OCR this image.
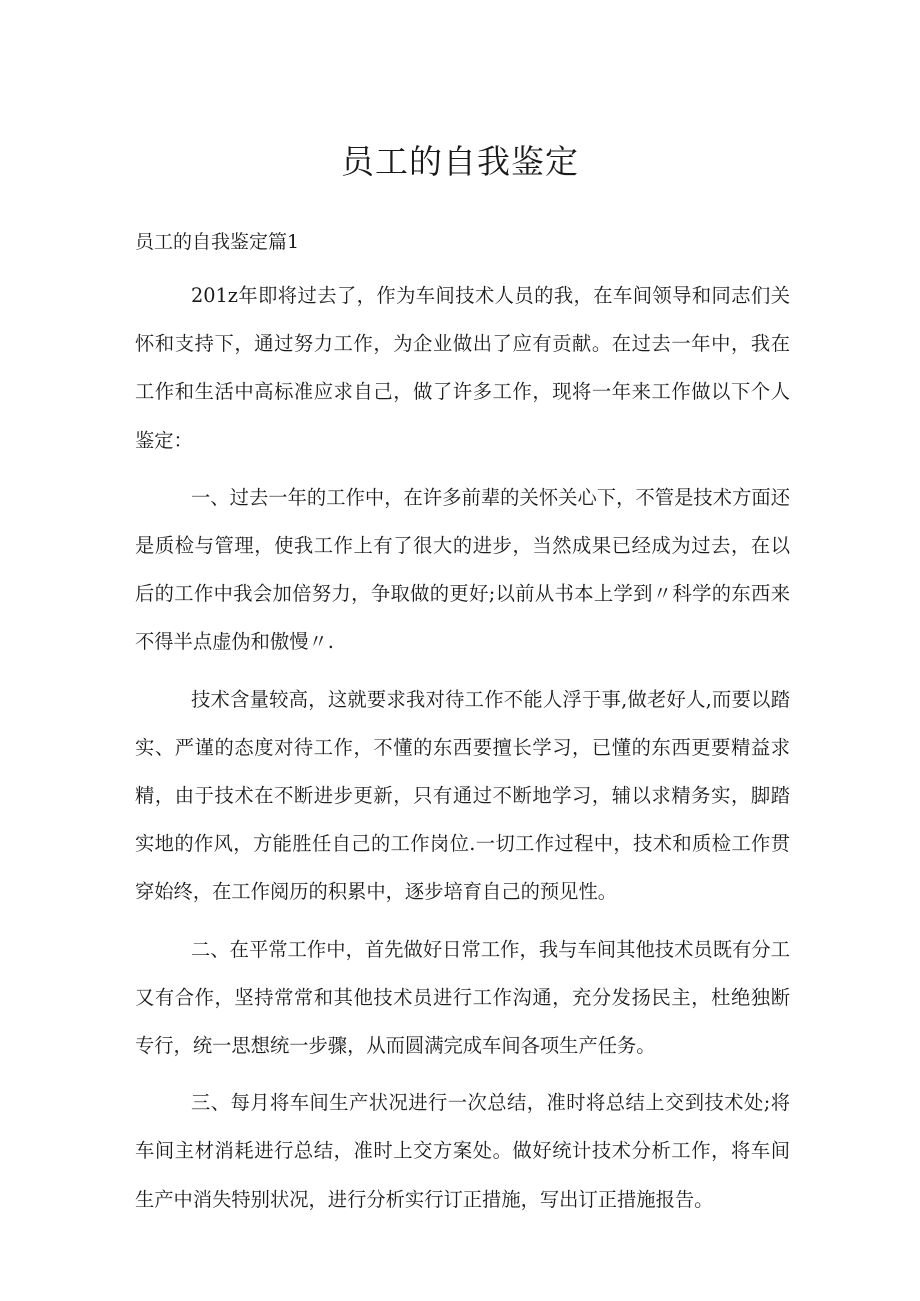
员工的自我鉴定

员工的自我鉴定篇1

201z年即将过去了，作为车间技术人员的我，在车间领导和同志们关怀和支持下，通过努力工作，为企业做出了应有贡献。在过去一年中，我在工作和生活中高标准应求自己，做了许多工作，现将一年来工作做以下个人鉴定：

一、过去一年的工作中，在许多前辈的关怀关心下，不管是技术方面还是质检与管理，使我工作上有了很大的进步，当然成果已经成为过去，在以后的工作中我会加倍努力，争取做的更好;以前从书本上学到〃科学的东西来不得半点虚伪和傲慢〃.

技术含量较高，这就要求我对待工作不能人浮于事,做老好人,而要以踏实、严谨的态度对待工作，不懂的东西要擅长学习，已懂的东西更要精益求精，由于技术在不断进步更新，只有通过不断地学习，辅以求精务实，脚踏实地的作风，方能胜任自己的工作岗位.一切工作过程中，技术和质检工作贯穿始终，在工作阅历的积累中，逐步培育自己的预见性。

二、在平常工作中，首先做好日常工作，我与车间其他技术员既有分工又有合作，坚持常常和其他技术员进行工作沟通，充分发扬民主，杜绝独断专行，统一思想统一步骤，从而圆满完成车间各项生产任务。

三、每月将车间生产状况进行一次总结，准时将总结上交到技术处;将车间主材消耗进行总结，准时上交方案处。做好统计技术分析工作，将车间生产中消失特别状况，进行分析实行订正措施，写出订正措施报告。
